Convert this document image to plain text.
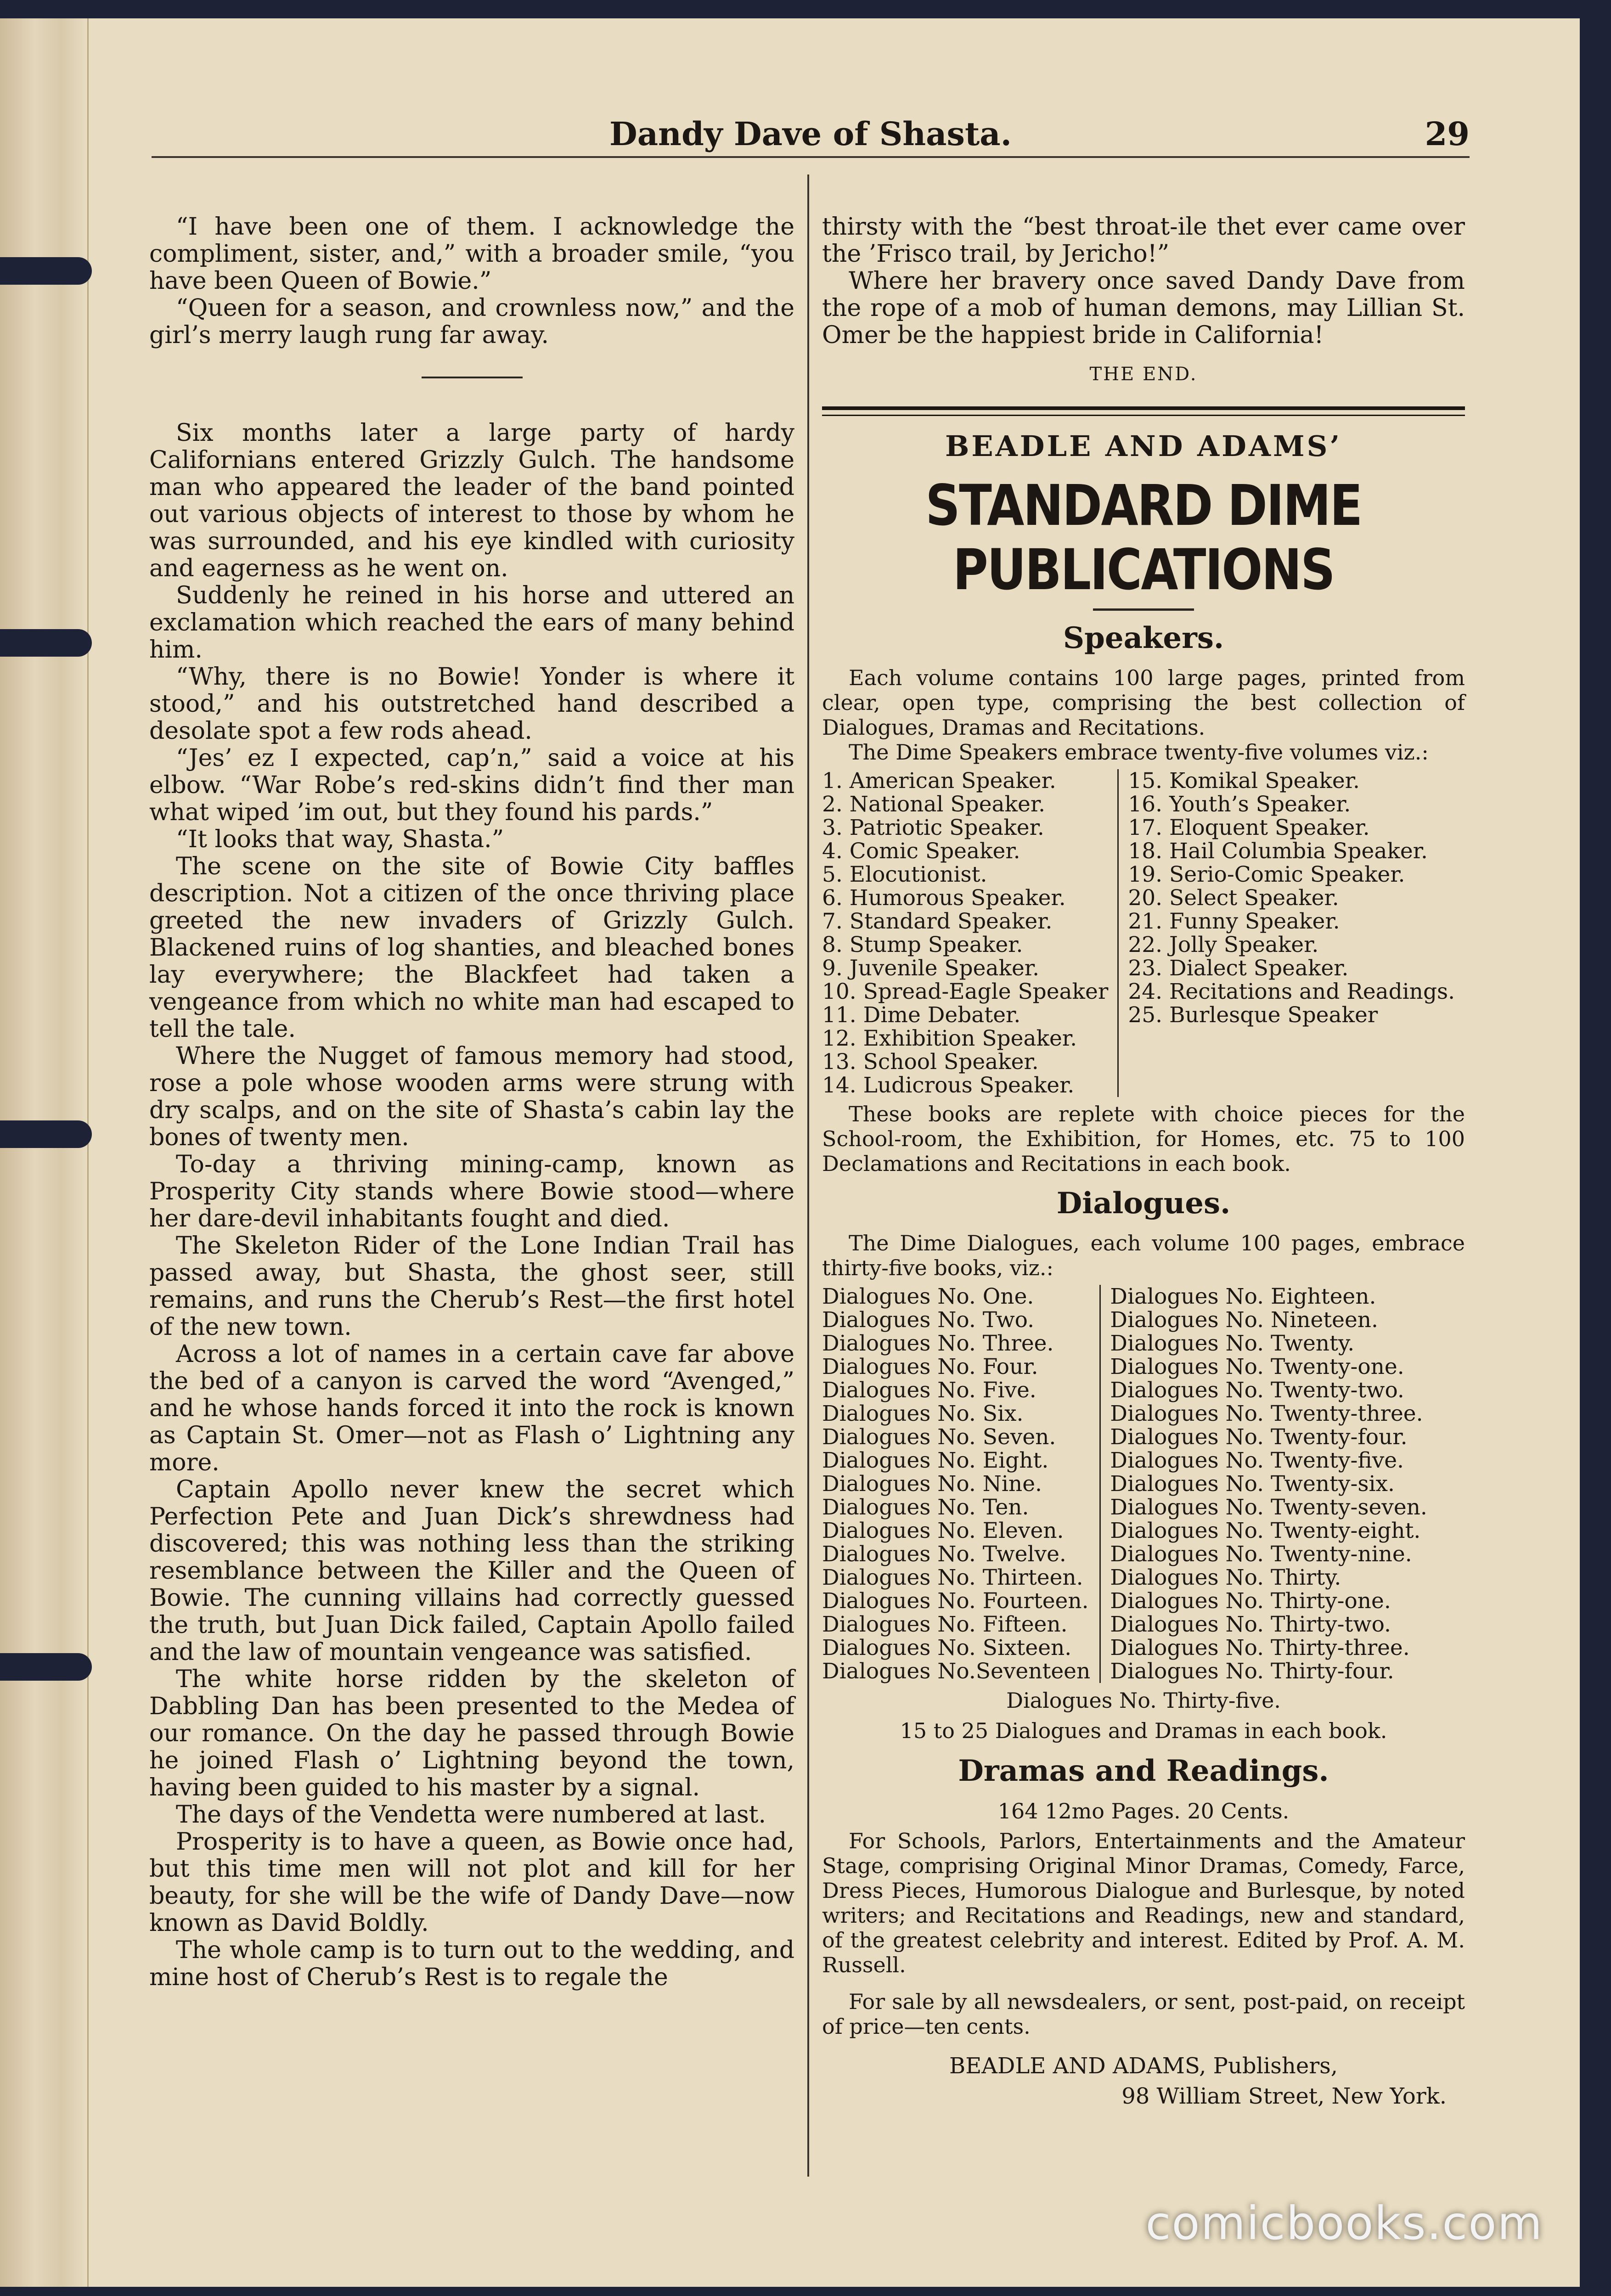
Dandy Dave of Shasta.	29

“I have been one of them. I acknowledge the compliment, sister, and,” with a broader smile, “you have been Queen of Bowie.”

“Queen for a season, and crownless now,” and the girl’s merry laugh rung far away.

Six months later a large party of hardy Californians entered Grizzly Gulch. The handsome man who appeared the leader of the band pointed out various objects of interest to those by whom he was surrounded, and his eye kindled with curiosity and eagerness as he went on.

Suddenly he reined in his horse and uttered an exclamation which reached the ears of many behind him.

“Why, there is no Bowie! Yonder is where it stood,” and his outstretched hand described a desolate spot a few rods ahead.

“Jes’ ez I expected, cap’n,” said a voice at his elbow. “War Robe’s red-skins didn’t find ther man what wiped ’im out, but they found his pards.”

“It looks that way, Shasta.”

The scene on the site of Bowie City baffles description. Not a citizen of the once thriving place greeted the new invaders of Grizzly Gulch. Blackened ruins of log shanties, and bleached bones lay everywhere; the Blackfeet had taken a vengeance from which no white man had escaped to tell the tale.

Where the Nugget of famous memory had stood, rose a pole whose wooden arms were strung with dry scalps, and on the site of Shasta’s cabin lay the bones of twenty men.

To-day a thriving mining-camp, known as Prosperity City stands where Bowie stood—where her dare-devil inhabitants fought and died.

The Skeleton Rider of the Lone Indian Trail has passed away, but Shasta, the ghost seer, still remains, and runs the Cherub’s Rest—the first hotel of the new town.

Across a lot of names in a certain cave far above the bed of a canyon is carved the word “Avenged,” and he whose hands forced it into the rock is known as Captain St. Omer—not as Flash o’ Lightning any more.

Captain Apollo never knew the secret which Perfection Pete and Juan Dick’s shrewdness had discovered; this was nothing less than the striking resemblance between the Killer and the Queen of Bowie. The cunning villains had correctly guessed the truth, but Juan Dick failed, Captain Apollo failed and the law of mountain vengeance was satisfied.

The white horse ridden by the skeleton of Dabbling Dan has been presented to the Medea of our romance. On the day he passed through Bowie he joined Flash o’ Lightning beyond the town, having been guided to his master by a signal.

The days of the Vendetta were numbered at last.

Prosperity is to have a queen, as Bowie once had, but this time men will not plot and kill for her beauty, for she will be the wife of Dandy Dave—now known as David Boldly.

The whole camp is to turn out to the wedding, and mine host of Cherub’s Rest is to regale the

thirsty with the “best throat-ile thet ever came over the ’Frisco trail, by Jericho!”

Where her bravery once saved Dandy Dave from the rope of a mob of human demons, may Lillian St. Omer be the happiest bride in California!

THE END.
BEADLE AND ADAMS’
STANDARD DIME PUBLICATIONS
Speakers.

Each volume contains 100 large pages, printed from clear, open type, comprising the best collection of Dialogues, Dramas and Recitations.

The Dime Speakers embrace twenty-five volumes viz.:

1. American Speaker.
2. National Speaker.
3. Patriotic Speaker.
4. Comic Speaker.
5. Elocutionist.
6. Humorous Speaker.
7. Standard Speaker.
8. Stump Speaker.
9. Juvenile Speaker.
10. Spread-Eagle Speaker
11. Dime Debater.
12. Exhibition Speaker.
13. School Speaker.
14. Ludicrous Speaker.
15. Komikal Speaker.
16. Youth’s Speaker.
17. Eloquent Speaker.
18. Hail Columbia Speaker.
19. Serio-Comic Speaker.
20. Select Speaker.
21. Funny Speaker.
22. Jolly Speaker.
23. Dialect Speaker.
24. Recitations and Readings.
25. Burlesque Speaker

These books are replete with choice pieces for the School-room, the Exhibition, for Homes, etc. 75 to 100 Declamations and Recitations in each book.

Dialogues.

The Dime Dialogues, each volume 100 pages, embrace thirty-five books, viz.:

Dialogues No. One.
Dialogues No. Two.
Dialogues No. Three.
Dialogues No. Four.
Dialogues No. Five.
Dialogues No. Six.
Dialogues No. Seven.
Dialogues No. Eight.
Dialogues No. Nine.
Dialogues No. Ten.
Dialogues No. Eleven.
Dialogues No. Twelve.
Dialogues No. Thirteen.
Dialogues No. Fourteen.
Dialogues No. Fifteen.
Dialogues No. Sixteen.
Dialogues No.Seventeen
Dialogues No. Eighteen.
Dialogues No. Nineteen.
Dialogues No. Twenty.
Dialogues No. Twenty-one.
Dialogues No. Twenty-two.
Dialogues No. Twenty-three.
Dialogues No. Twenty-four.
Dialogues No. Twenty-five.
Dialogues No. Twenty-six.
Dialogues No. Twenty-seven.
Dialogues No. Twenty-eight.
Dialogues No. Twenty-nine.
Dialogues No. Thirty.
Dialogues No. Thirty-one.
Dialogues No. Thirty-two.
Dialogues No. Thirty-three.
Dialogues No. Thirty-four.
Dialogues No. Thirty-five.
15 to 25 Dialogues and Dramas in each book.
Dramas and Readings.
164 12mo Pages. 20 Cents.

For Schools, Parlors, Entertainments and the Amateur Stage, comprising Original Minor Dramas, Comedy, Farce, Dress Pieces, Humorous Dialogue and Burlesque, by noted writers; and Recitations and Readings, new and standard, of the greatest celebrity and interest. Edited by Prof. A. M. Russell.

For sale by all newsdealers, or sent, post-paid, on receipt of price—ten cents.

BEADLE AND ADAMS, Publishers,
98 William Street, New York.
comicbooks.com
